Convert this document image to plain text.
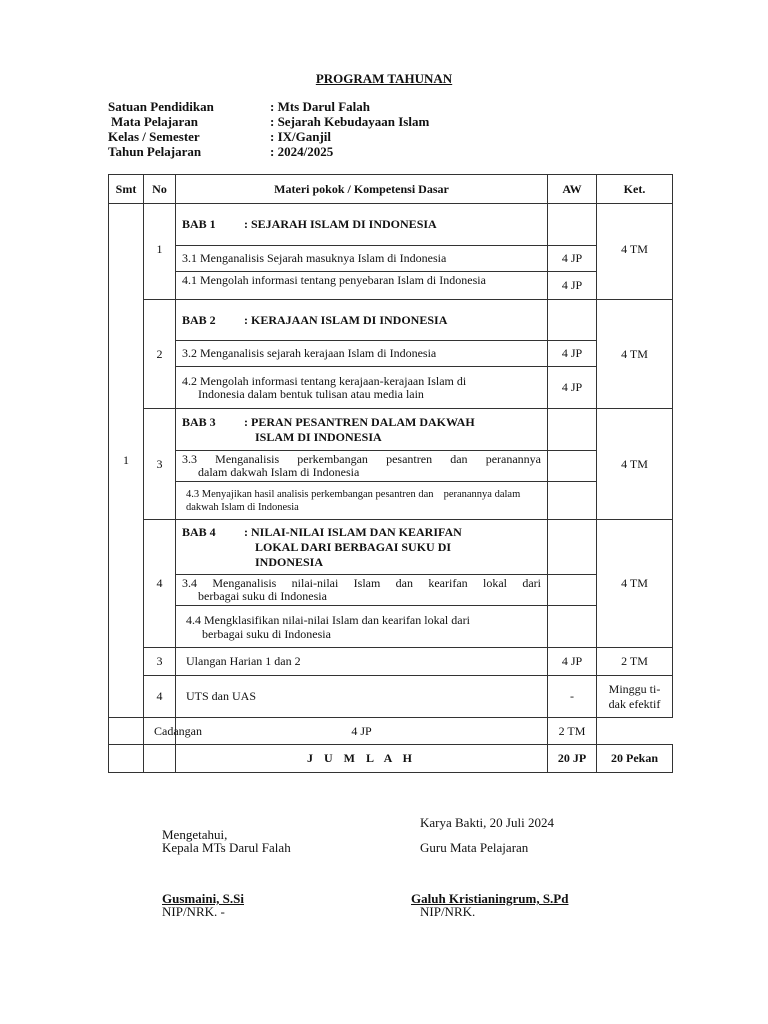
PROGRAM TAHUNAN
Satuan Pendidikan	: Mts Darul Falah
Mata Pelajaran	: Sejarah Kebudayaan Islam
Kelas / Semester	: IX/Ganjil
Tahun Pelajaran	: 2024/2025
Smt	No	Materi pokok / Kompetensi Dasar	AW	Ket.
1	1	BAB 1 : SEJARAH ISLAM DI INDONESIA		4 TM
		3.1 Menganalisis Sejarah masuknya Islam di Indonesia	4 JP	
		4.1 Mengolah informasi tentang penyebaran Islam di Indonesia	4 JP	
	2	BAB 2 : KERAJAAN ISLAM DI INDONESIA		4 TM
		3.2 Menganalisis sejarah kerajaan Islam di Indonesia	4 JP	
		4.2 Mengolah informasi tentang kerajaan-kerajaan Islam di
Indonesia dalam bentuk tulisan atau media lain	4 JP	
	3	BAB 3 : PERAN PESANTREN DALAM DAKWAH
ISLAM DI INDONESIA		4 TM

		3.3 Menganalisis perkembangan pesantren dan peranannya
dalam dakwah Islam di Indonesia		

		4.3 Menyajikan hasil analisis perkembangan pesantren dan peranannya dalam dakwah Islam di Indonesia		
	4	BAB 4 : NILAI-NILAI ISLAM DAN KEARIFAN
LOKAL DARI BERBAGAI SUKU DI
INDONESIA		4 TM

		3.4 Menganalisis nilai-nilai Islam dan kearifan lokal dari
berbagai suku di Indonesia		

		4.4 Mengklasifikan nilai-nilai Islam dan kearifan lokal dari
berbagai suku di Indonesia		

	3	Ulangan Harian 1 dan 2	4 JP	2 TM
	4	UTS dan UAS	-	Minggu ti-
dak efektif
	Cadangan	4 JP	2 TM	
		J U M L A H	20 JP	20 Pekan
Karya Bakti, 20 Juli 2024
Mengetahui,
Kepala MTs Darul Falah	Guru Mata Pelajaran
Gusmaini, S.Si	Galuh Kristianingrum, S.Pd
NIP/NRK. -	NIP/NRK.
